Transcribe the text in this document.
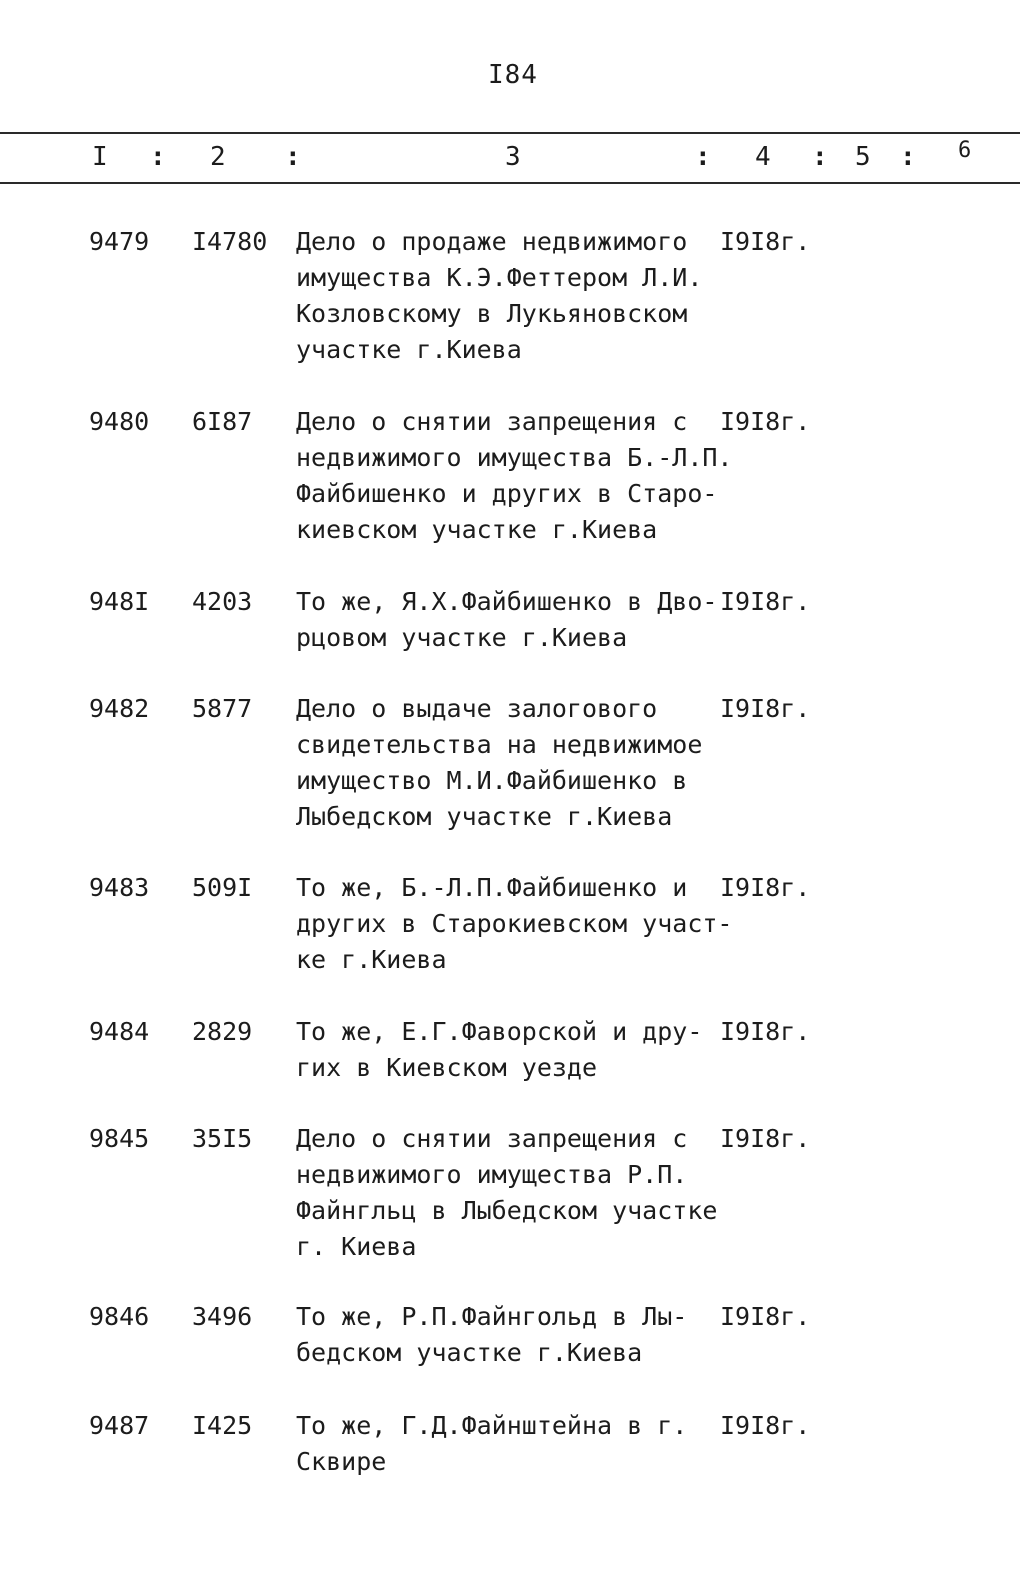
I84
I : 2 :	3	: 4 : 5 : 6
9479 I4780 Дело о продаже недвижимого
имущества К.Э.Феттером Л.И.
Козловскому в Лукьяновском
участке г.Киева
I9I8г.
9480 6I87 Дело о снятии запрещения с
недвижимого имущества Б.-Л.П.
Файбишенко и других в Старо-
киевском участке г.Киева
I9I8г.
948I 4203 То же, Я.Х.Файбишенко в Дво-
рцовом участке г.Киева
I9I8г.
9482 5877 Дело о выдаче залогового
свидетельства на недвижимое
имущество М.И.Файбишенко в
Лыбедском участке г.Киева
I9I8г.
9483 509I То же, Б.-Л.П.Файбишенко и
других в Старокиевском участ-
ке г.Киева
I9I8г.
9484 2829 То же, Е.Г.Фаворской и дру-
гих в Киевском уезде
I9I8г.
9845 35I5 Дело о снятии запрещения с
недвижимого имущества Р.П.
Файнгльц в Лыбедском участке
г. Киева
I9I8г.
9846 3496 То же, Р.П.Файнгольд в Лы-
бедском участке г.Киева
I9I8г.
9487 I425 То же, Г.Д.Файнштейна в г.
Сквире
I9I8г.
